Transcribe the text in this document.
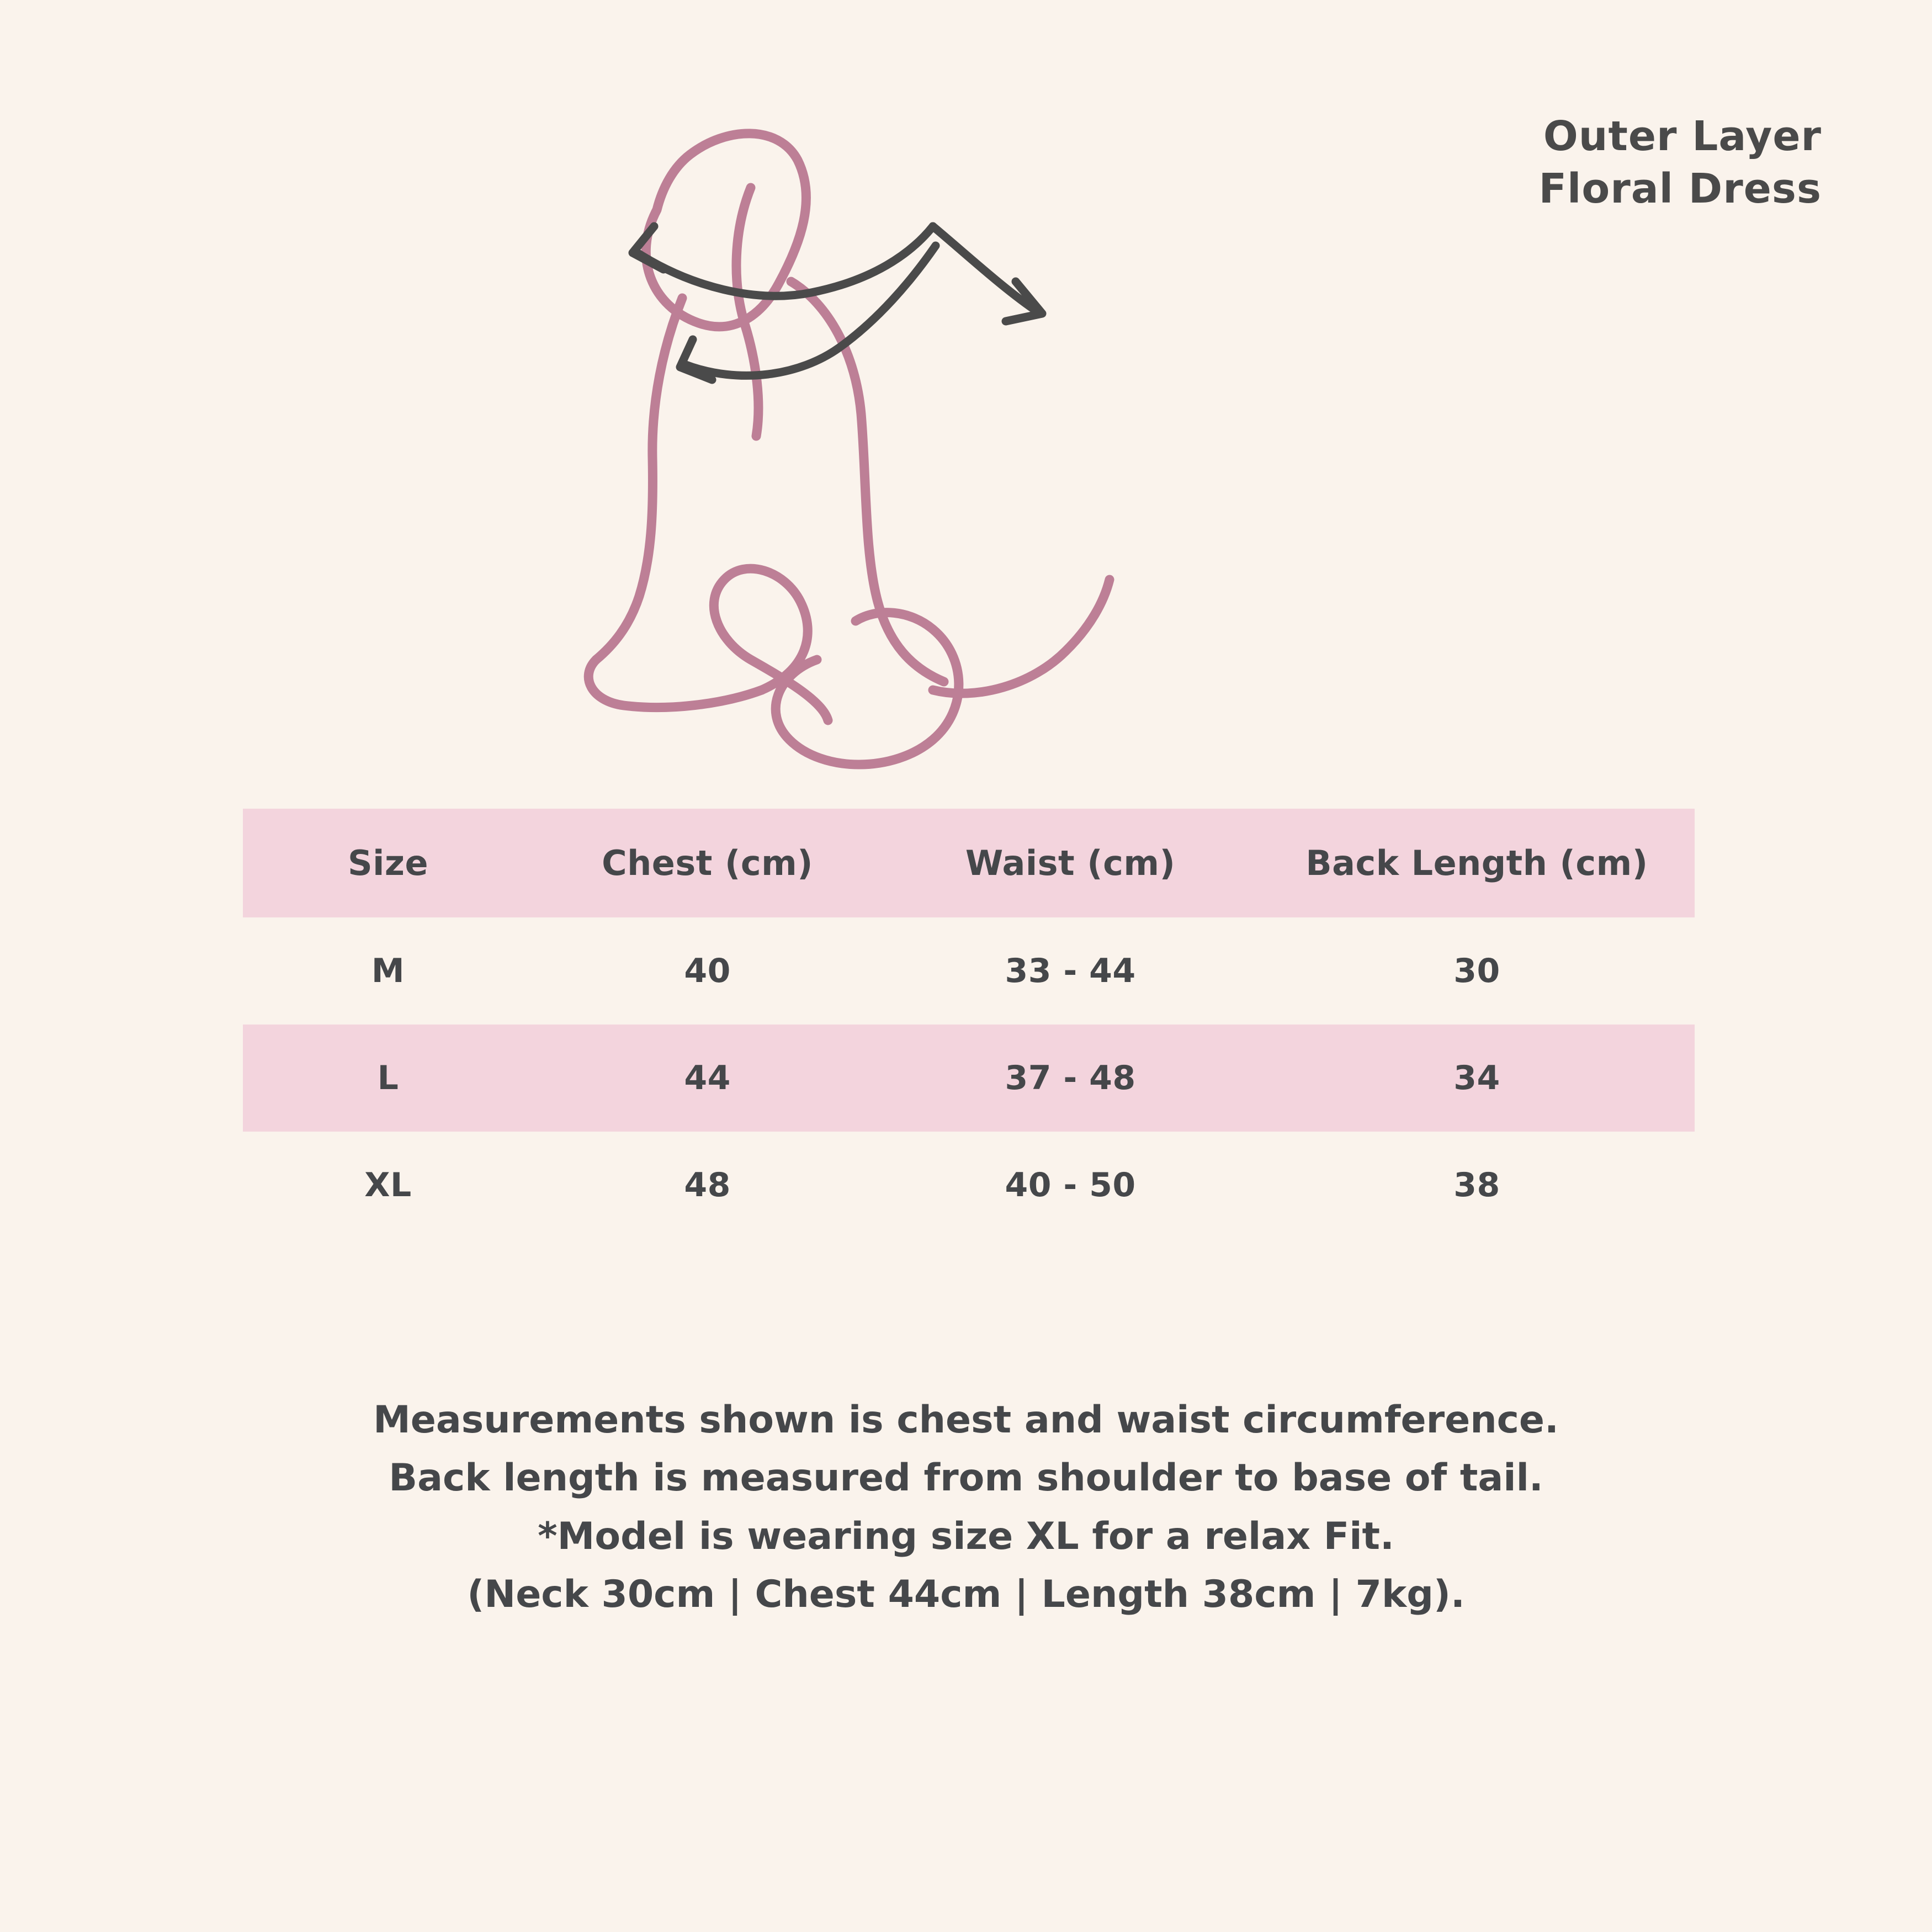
Outer Layer
Floral Dress
Size	Chest (cm)	Waist (cm)	Back Length (cm)
M	40	33 - 44	30
L	44	37 - 48	34
XL	48	40 - 50	38
Measurements shown is chest and waist circumference.
Back length is measured from shoulder to base of tail.
*Model is wearing size XL for a relax Fit.
(Neck 30cm | Chest 44cm | Length 38cm | 7kg).
